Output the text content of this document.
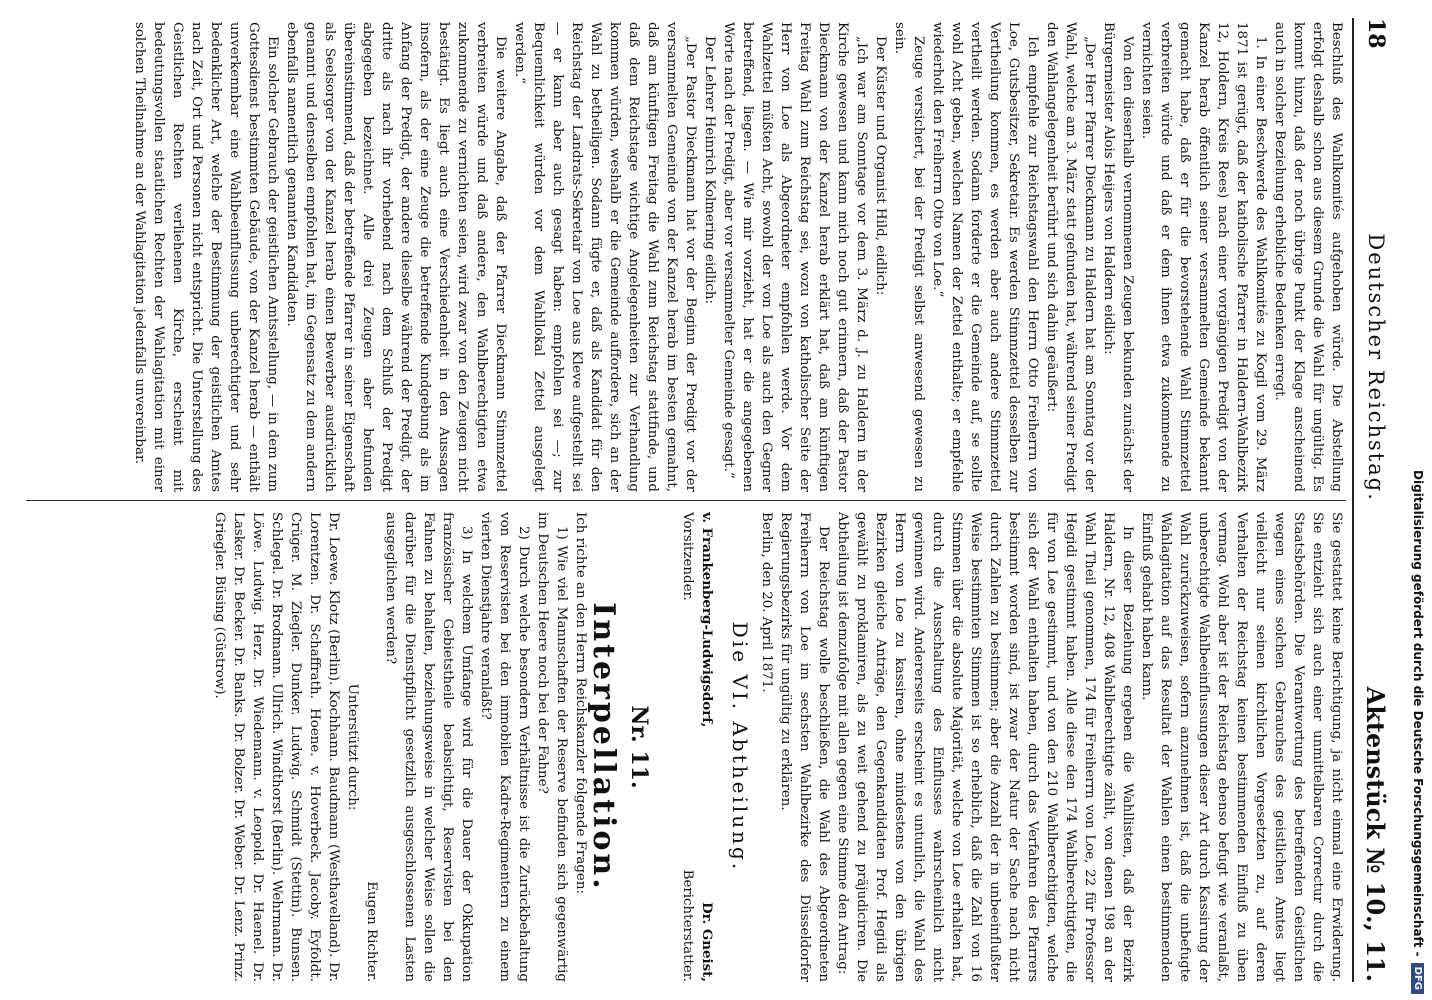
18
Deutscher Reichstag.
Aktenstück № 10., 11.

Beschluß des Wahlkomités aufgehoben würde. Die Abstellung erfolgt deshalb schon aus diesem Grunde die Wahl für ungültig. Es kommt hinzu, daß der noch übrige Punkt der Klage anscheinend auch in solcher Beziehung erhebliche Bedenken erregt.

1. In einer Beschwerde des Wahlkomités zu Kogil vom 29. März 1871 ist gerügt, daß der katholische Pfarrer in Haldern-Wahlbezirk 12, Holdern, Kreis Rees) nach einer vorgängigen Predigt von der Kanzel herab öffentlich seiner versammelten Gemeinde bekannt gemacht habe, daß er für die bevorstehende Wahl Stimmzettel verbreiten würde und daß er dem ihnen etwa zukommende zu vernichten seien.

Von den dieserhalb vernommenen Zeugen bekunden zunächst der Bürgermeister Alois Heijers von Haldern eidlich:

„Der Herr Pfarrer Dieckmann zu Haldern hat am Sonntag vor der Wahl, welche am 3. März statt gefunden hat, während seiner Predigt den Wahlangelegenheit berührt und sich dahin geäußert:

Ich empfehle zur Reichstagswahl den Herrn Otto Freiherrn von Loe, Gutsbesitzer, Sekretair. Es werden Stimmzettel desselben zur Vertheilung kommen, es werden aber auch andere Stimmzettel vertheilt werden. Sodann forderte er die Gemeinde auf, se sollte wohl Acht geben, welchen Namen der Zettel enthalte; er empfehle wiederholt den Freiherrn Otto von Loe.“

Zeuge versichert, bei der Predigt selbst anwesend gewesen zu sein.

Der Küster und Organist Hild, eidlich:

„Ich war am Sonntage vor dem 3. März d. J. zu Haldern in der Kirche gewesen und kann mich noch gut erinnern, daß der Pastor Dieckmann von der Kanzel herab erklärt hat, daß am künftigen Freitag Wahl zum Reichstag sei, wozu von katholischer Seite der Herr von Loe als Abgeordneter empfohlen werde. Vor dem Wahlzettel müßten Acht, sowohl der von Loe als auch den Gegner betreffend, liegen. — Wie mir vorzieht, hat er die angegebenen Worte nach der Predigt, aber vor versammelter Gemeinde gesagt.“

Der Lehrer Heinrich Kolmering eidlich:

„Der Pastor Dieckmann hat vor der Beginn der Predigt vor der versammelten Gemeinde von der Kanzel herab im besten gemahnt, daß am künftigen Freitag die Wahl zum Reichstag stattfinde, und daß dem Reichstage wichtige Angelegenheiten zur Verhandlung kommen würden, weshalb er die Gemeinde auffordere, sich an der Wahl zu betheiligen. Sodann fügte er, daß als Kandidat für den Reichstag der Landrats-Sekretair von Loe aus Kleve aufgestellt sei — er kann aber auch gesagt haben: empfohlen sei —; zur Bequemlichkeit würden vor dem Wahllokal Zettel ausgelegt werden.“

Die weitere Angabe, daß der Pfarrer Dieckmann Stimmzettel verbreiten würde und daß andere, den Wahlberechtigten etwa zukommende zu vernichten seien, wird zwar von den Zeugen nicht bestätigt. Es liegt auch eine Verschiedenheit in den Aussagen insofern, als der eine Zeuge die betreffende Kundgebung als im Anfang der Predigt, der andere dieselbe während der Predigt, der dritte als nach ihr vorhebend nach dem Schluß der Predigt abgegeben bezeichnet. Alle drei Zeugen aber befunden übereinstimmend, daß der betreffende Pfarrer in seiner Eigenschaft als Seelsorger von der Kanzel herab einen Bewerber ausdrücklich genannt und denselben empfohlen hat, im Gegensatz zu dem andern ebenfalls namentlich genannten Kandidaten.

Ein solcher Gebrauch der geistlichen Amtsstellung, — in dem zum Gottesdienst bestimmten Gebäude, von der Kanzel herab — enthält unverkennbar eine Wahlbeeinflussung unberechtigter und sehr bedenklicher Art, welche der Bestimmung der geistlichen Amtes nach Zeit, Ort und Personen nicht entspricht. Die Unterstellung des Geistlichen Rechten verliehenen Kirche, erscheint mit bedeutungsvollen staatlichen Rechten der Wahlagitation mit einer solchen Theilnahme an der Wahlagitation jedenfalls unvereinbar.

Sie gestattet keine Berichtigung, ja nicht einmal eine Erwiderung. Sie entzieht sich auch einer unmittelbaren Correctur durch die Staatsbehörden. Die Verantwortung des betreffenden Geistlichen wegen eines solchen Gebrauches des geistlichen Amtes liegt vielleicht nur seinen kirchlichen Vorgesetzten zu, auf deren Verhalten der Reichstag keinen bestimmenden Einfluß zu üben vermag. Wohl aber ist der Reichstag ebenso befugt wie veranlaßt, unberechtigte Wahlbeeinflussungen dieser Art durch Kassirung der Wahl zurückzuweisen, sofern anzunehmen ist, daß die unbefugte Wahlagitation auf das Resultat der Wahlen einen bestimmenden Einfluß gehabt haben kann.

In dieser Beziehung ergeben die Wahllisten, daß der Bezirk Haldern, Nr. 12, 408 Wahlberechtigte zählt, von denen 198 an der Wahl Theil genommen, 174 für Freiherrn von Loe, 22 für Professor Hegidi gestimmt haben. Alle diese den 174 Wahlberechtigten, die für von Loe gestimmt, und von den 210 Wahlberechtigten, welche sich der Wahl enthalten haben, durch das Verfahren des Pfarrers bestimmt worden sind, ist zwar der Natur der Sache nach nicht durch Zahlen zu bestimmen; aber die Anzahl der in unbeeinflußter Weise bestimmten Stimmen ist so erheblich, daß die Zahl von 16 Stimmen über die absolute Majorität, welche von Loe erhalten hat, durch die Ausschaltung des Einflusses wahrscheinlich nicht gewinnen wird. Andererseits erscheint es untunlich, die Wahl des Herrn von Loe zu kassiren, ohne mindestens von den übrigen Bezirken gleiche Anträge, den Gegenkandidaten Prof. Hegidi als gewählt zu proklamiren, als zu weit gehend zu präjudiciren. Die Abtheilung ist demzufolge mit allen gegen eine Stimme den Antrag:

Der Reichstag wolle beschließen, die Wahl des Abgeordneten Freiherrn von Loe im sechsten Wahlbezirke des Düsseldorfer Regierungsbezirks für ungültig zu erklären.

Berlin, den 20. April 1871.

Die VI. Abtheilung.

v. Frankenberg-Ludwigsdorf,

Vorsitzender.
Dr. Gneist,

Berichterstatter.

Nr. 11.

Interpellation.

Ich richte an den Herrn Reichskanzler folgende Fragen:

1) Wie viel Mannschaften der Reserve befinden sich gegenwärtig im Deutschen Heere noch bei der Fahne?

2) Durch welche besondern Verhältnisse ist die Zurückbehaltung von Reservisten bei den immobilen Kadre-Regimentern zu einem vierten Dienstjahre veranlaßt?

3) In welchem Umfange wird für die Dauer der Okkupation französischer Gebietstheile beabsichtigt, Reservisten bei den Fahnen zu behalten, beziehungsweise in welcher Weise sollen die darüber für die Dienstpflicht gesetzlich ausgeschlossenen Lasten ausgeglichen werden?

Eugen Richter.

Unterstützt durch:

Dr. Loewe. Klotz (Berlin). Kochhann. Baudmann (Westhavelland). Dr. Lorentzen. Dr. Schaffrath. Hoene. v. Hoverbeck. Jacoby. Eyfoldt. Crüger. M. Ziegler. Dunker. Ludwig. Schmidt (Stettin). Bunsen. Schlegel. Dr. Brodmann. Ullrich. Windthorst (Berlin). Wehrmann. Dr. Löwe. Ludwig. Herz. Dr. Wiedemann. v. Leopold. Dr. Haenel. Dr. Lasker. Dr. Becker. Dr. Banks. Dr. Bolzer. Dr. Weber. Dr. Lenz. Prinz. Griegler. Büsing (Güstrow).	Digitalisierung gefördert durch die Deutsche Forschungsgemeinschaft -
DFG
